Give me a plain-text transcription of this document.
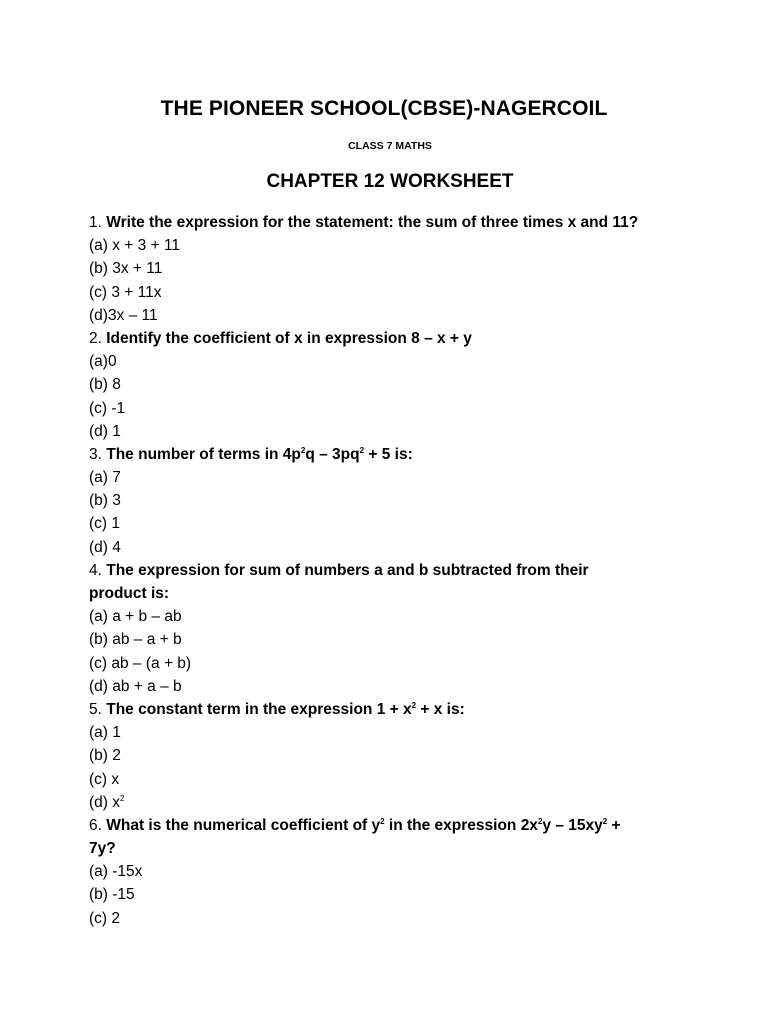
THE PIONEER SCHOOL(CBSE)-NAGERCOIL
CLASS 7 MATHS
CHAPTER 12 WORKSHEET
1. Write the expression for the statement: the sum of three times x and 11?
(a) x + 3 + 11
(b) 3x + 11
(c) 3 + 11x
(d)3x – 11
2. Identify the coefficient of x in expression 8 – x + y
(a)0
(b) 8
(c) -1
(d) 1
3. The number of terms in $4p^2q - 3pq^2 + 5$ is:
(a) 7
(b) 3
(c) 1
(d) 4
4. The expression for sum of numbers a and b subtracted from their
product is:
(a) a + b – ab
(b) ab – a + b
(c) ab – (a + b)
(d) ab + a – b
5. The constant term in the expression $1 + x^2 + x$ is:
(a) 1
(b) 2
(c) x
(d) $x^2$
6. What is the numerical coefficient of $y^2$ in the expression $2x^2y - 15xy^2$ +
7y?
(a) -15x
(b) -15
(c) 2
